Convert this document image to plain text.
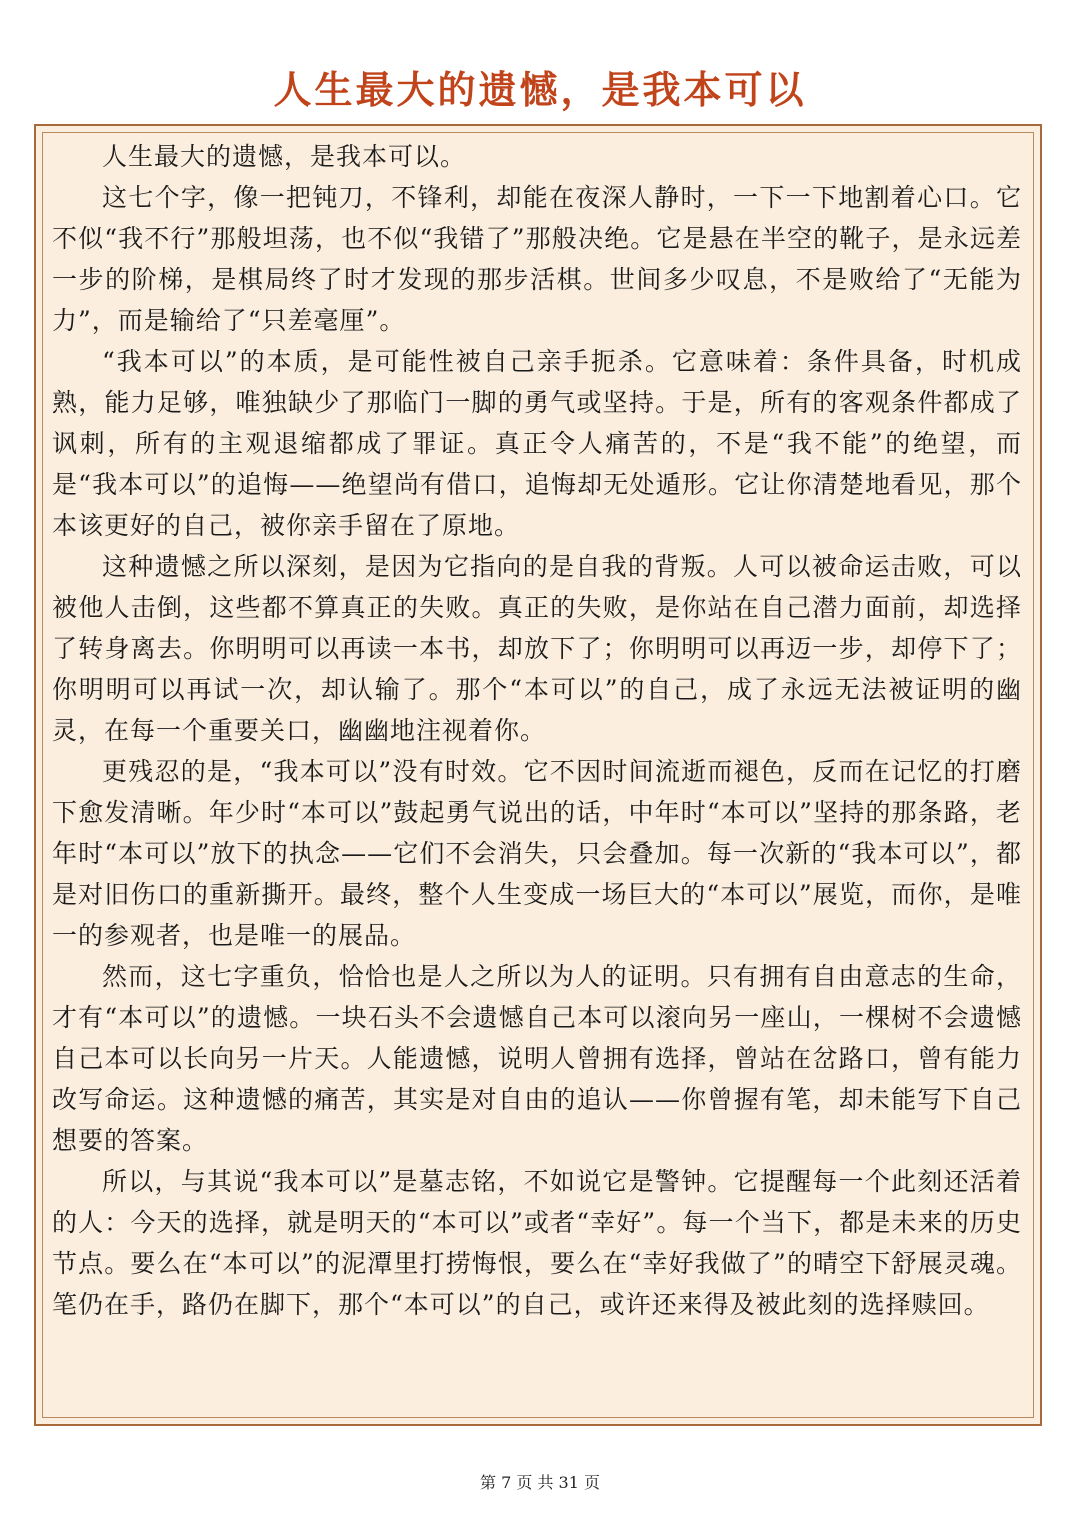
人生最大的遗憾，是我本可以

人生最大的遗憾，是我本可以。

这七个字，像一把钝刀，不锋利，却能在夜深人静时，一下一下地割着心口。它不似“我不行”那般坦荡，也不似“我错了”那般决绝。它是悬在半空的靴子，是永远差一步的阶梯，是棋局终了时才发现的那步活棋。世间多少叹息，不是败给了“无能为力”，而是输给了“只差毫厘”。

“我本可以”的本质，是可能性被自己亲手扼杀。它意味着：条件具备，时机成熟，能力足够，唯独缺少了那临门一脚的勇气或坚持。于是，所有的客观条件都成了讽刺，所有的主观退缩都成了罪证。真正令人痛苦的，不是“我不能”的绝望，而是“我本可以”的追悔——绝望尚有借口，追悔却无处遁形。它让你清楚地看见，那个本该更好的自己，被你亲手留在了原地。

这种遗憾之所以深刻，是因为它指向的是自我的背叛。人可以被命运击败，可以被他人击倒，这些都不算真正的失败。真正的失败，是你站在自己潜力面前，却选择了转身离去。你明明可以再读一本书，却放下了；你明明可以再迈一步，却停下了；你明明可以再试一次，却认输了。那个“本可以”的自己，成了永远无法被证明的幽灵，在每一个重要关口，幽幽地注视着你。

更残忍的是，“我本可以”没有时效。它不因时间流逝而褪色，反而在记忆的打磨下愈发清晰。年少时“本可以”鼓起勇气说出的话，中年时“本可以”坚持的那条路，老年时“本可以”放下的执念——它们不会消失，只会叠加。每一次新的“我本可以”，都是对旧伤口的重新撕开。最终，整个人生变成一场巨大的“本可以”展览，而你，是唯一的参观者，也是唯一的展品。

然而，这七字重负，恰恰也是人之所以为人的证明。只有拥有自由意志的生命，才有“本可以”的遗憾。一块石头不会遗憾自己本可以滚向另一座山，一棵树不会遗憾自己本可以长向另一片天。人能遗憾，说明人曾拥有选择，曾站在岔路口，曾有能力改写命运。这种遗憾的痛苦，其实是对自由的追认——你曾握有笔，却未能写下自己想要的答案。

所以，与其说“我本可以”是墓志铭，不如说它是警钟。它提醒每一个此刻还活着的人：今天的选择，就是明天的“本可以”或者“幸好”。每一个当下，都是未来的历史节点。要么在“本可以”的泥潭里打捞悔恨，要么在“幸好我做了”的晴空下舒展灵魂。笔仍在手，路仍在脚下，那个“本可以”的自己，或许还来得及被此刻的选择赎回。

第 7 页 共 31 页
